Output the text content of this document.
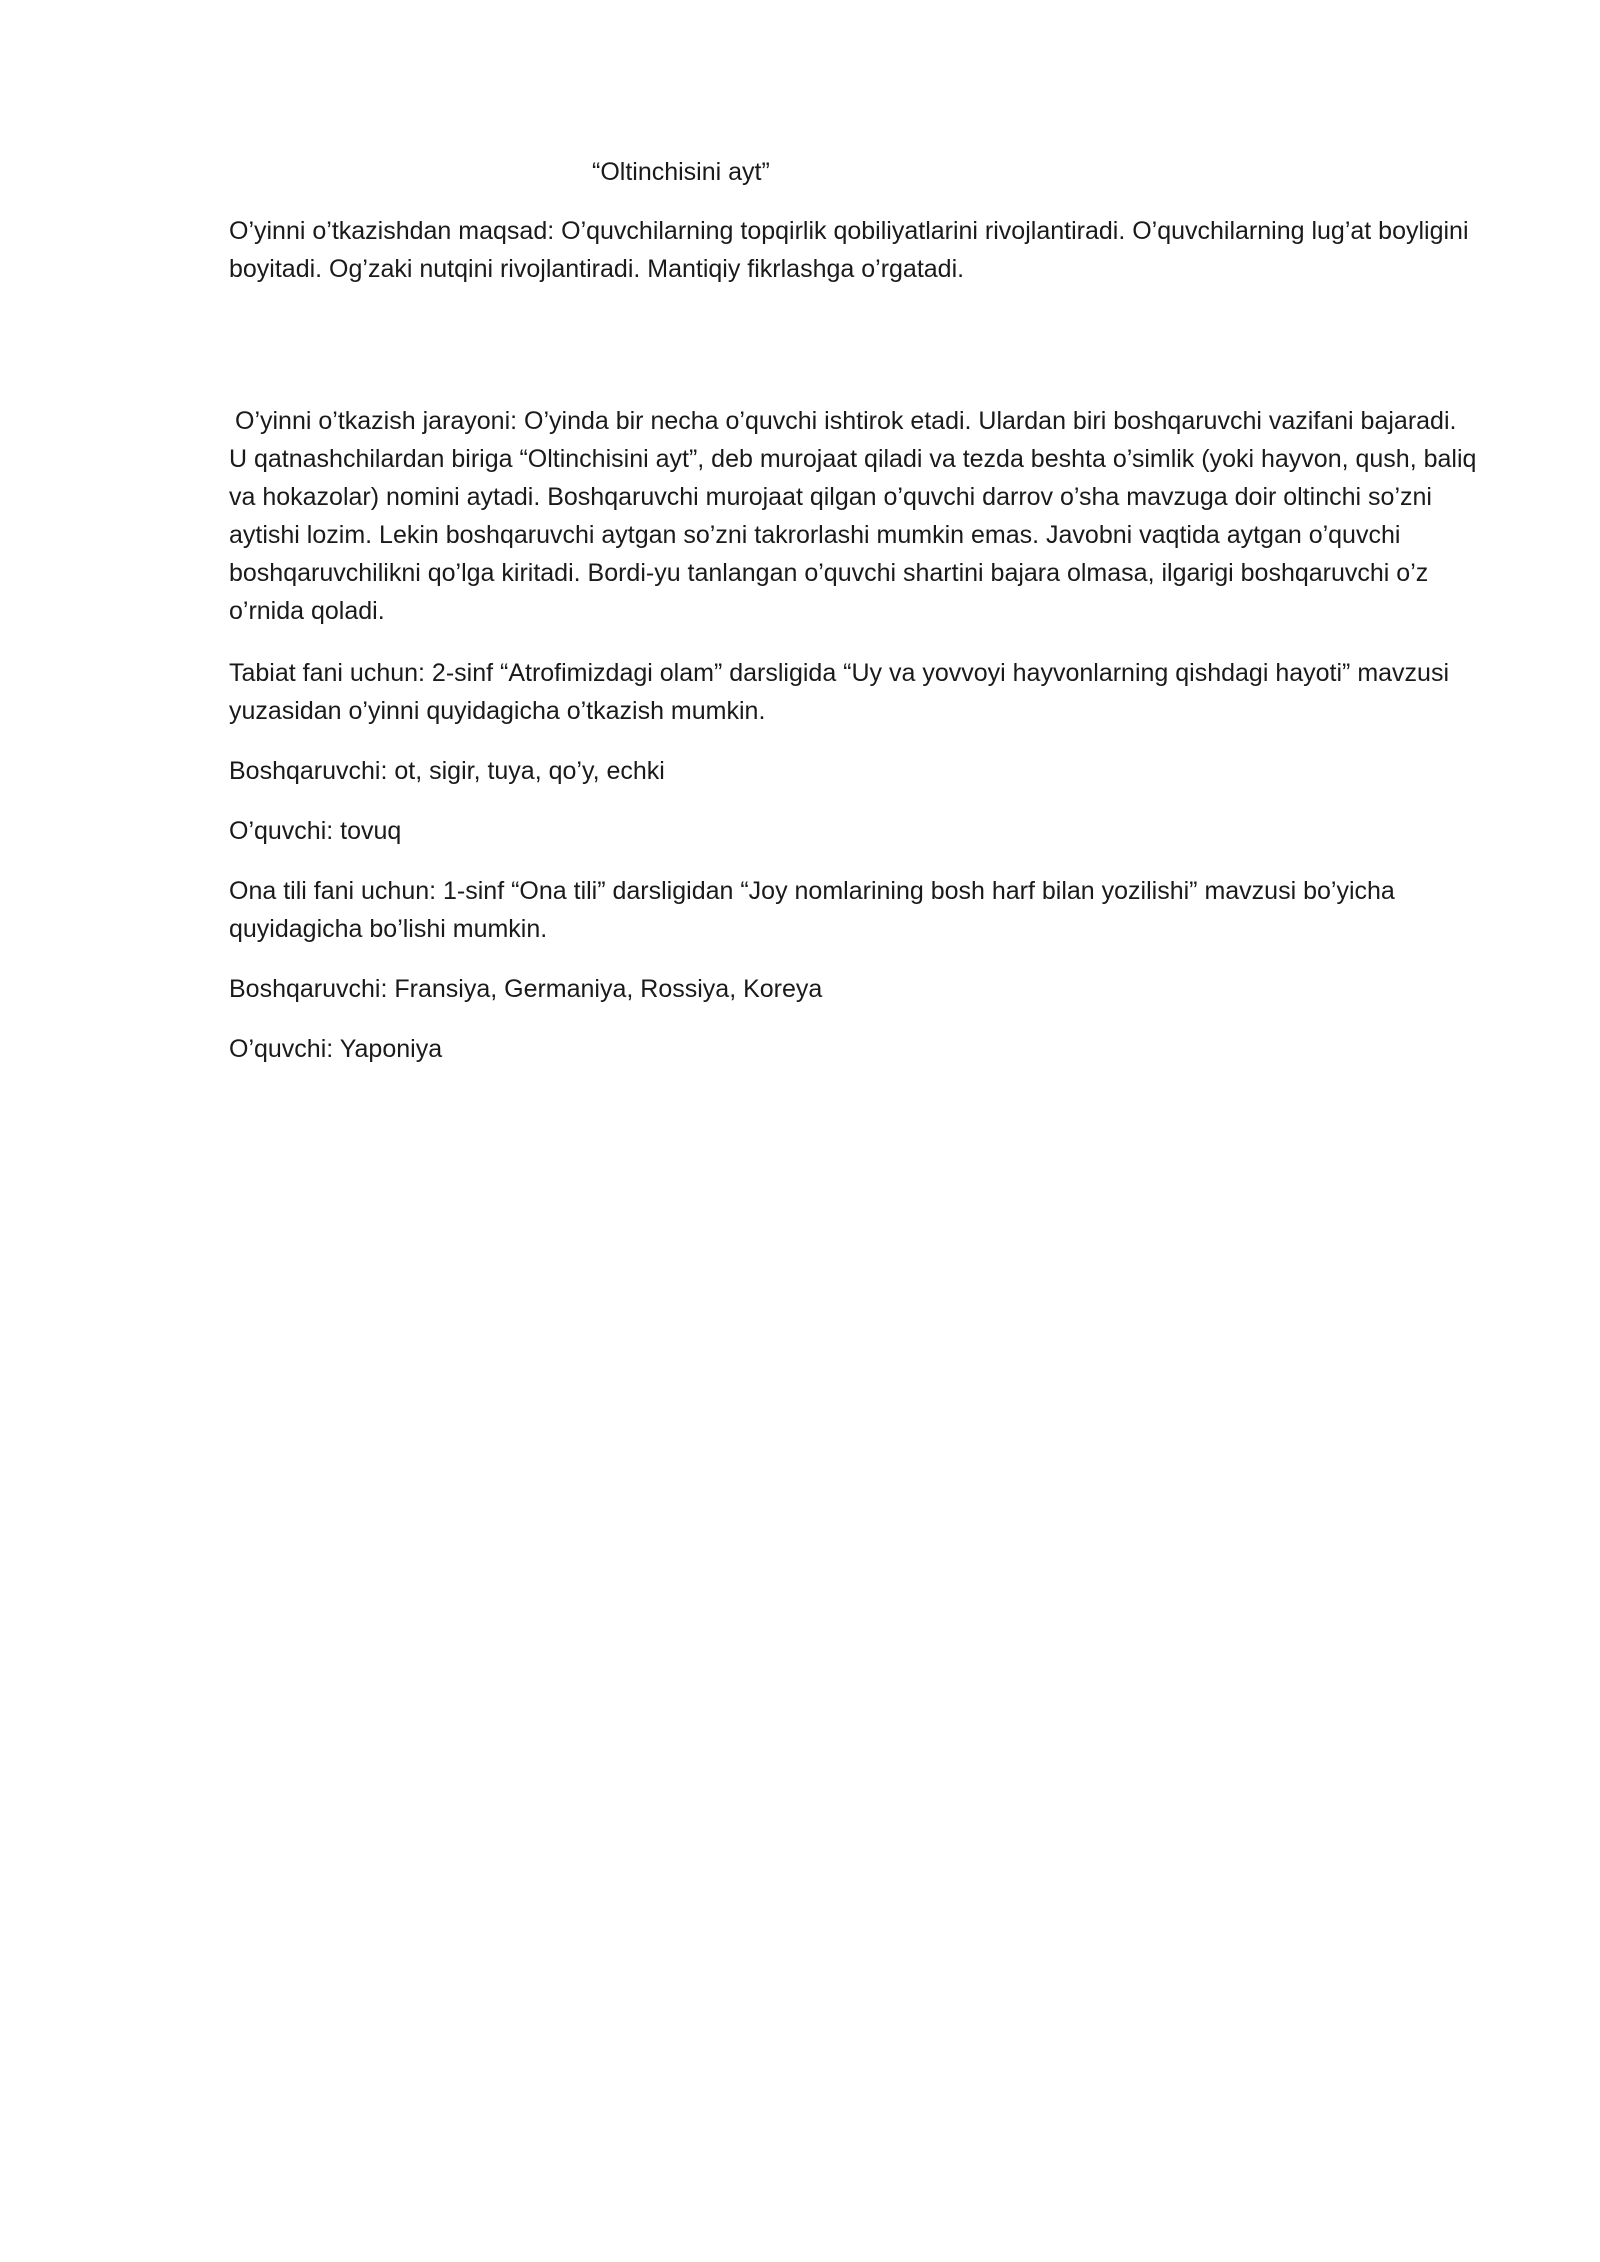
“Oltinchisini ayt”

O’yinni o’tkazishdan maqsad: O’quvchilarning topqirlik qobiliyatlarini rivojlantiradi. O’quvchilarning lug’at boyligini boyitadi. Og’zaki nutqini rivojlantiradi. Mantiqiy fikrlashga o’rgatadi.

O’yinni o’tkazish jarayoni: O’yinda bir necha o’quvchi ishtirok etadi. Ulardan biri boshqaruvchi vazifani bajaradi. U qatnashchilardan biriga “Oltinchisini ayt”, deb murojaat qiladi va tezda beshta o’simlik (yoki hayvon, qush, baliq va hokazolar) nomini aytadi. Boshqaruvchi murojaat qilgan o’quvchi darrov o’sha mavzuga doir oltinchi so’zni aytishi lozim. Lekin boshqaruvchi aytgan so’zni takrorlashi mumkin emas. Javobni vaqtida aytgan o’quvchi boshqaruvchilikni qo’lga kiritadi. Bordi-yu tanlangan o’quvchi shartini bajara olmasa, ilgarigi boshqaruvchi o’z o’rnida qoladi.

Tabiat fani uchun: 2-sinf “Atrofimizdagi olam” darsligida “Uy va yovvoyi hayvonlarning qishdagi hayoti” mavzusi yuzasidan o’yinni quyidagicha o’tkazish mumkin.

Boshqaruvchi: ot, sigir, tuya, qo’y, echki

O’quvchi: tovuq

Ona tili fani uchun: 1-sinf “Ona tili” darsligidan “Joy nomlarining bosh harf bilan yozilishi” mavzusi bo’yicha quyidagicha bo’lishi mumkin.

Boshqaruvchi: Fransiya, Germaniya, Rossiya, Koreya

O’quvchi: Yaponiya
